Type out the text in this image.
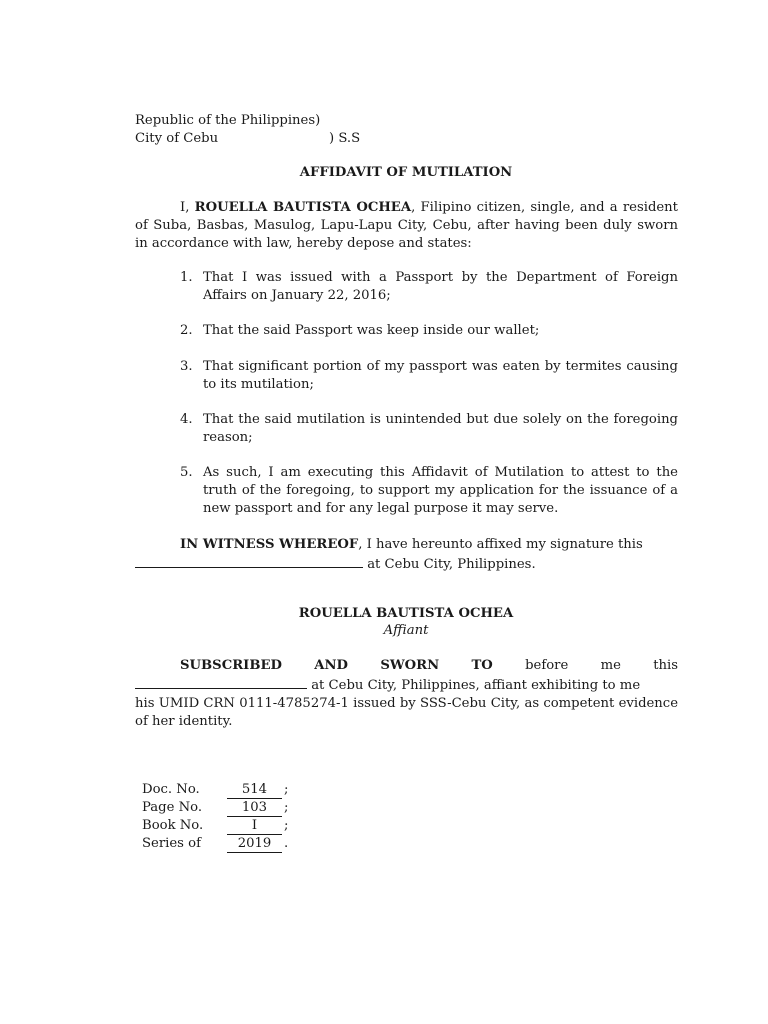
Republic of the Philippines)
City of Cebu	) S.S
AFFIDAVIT OF MUTILATION
I, ROUELLA BAUTISTA OCHEA, Filipino citizen, single, and a resident of Suba, Basbas, Masulog, Lapu-Lapu City, Cebu, after having been duly sworn in accordance with law, hereby depose and states:
1. That I was issued with a Passport by the Department of Foreign Affairs on January 22, 2016;
2. That the said Passport was keep inside our wallet;
3. That significant portion of my passport was eaten by termites causing to its mutilation;
4. That the said mutilation is unintended but due solely on the foregoing reason;
5. As such, I am executing this Affidavit of Mutilation to attest to the truth of the foregoing, to support my application for the issuance of a new passport and for any legal purpose it may serve.
IN WITNESS WHEREOF, I have hereunto affixed my signature this
at Cebu City, Philippines.
ROUELLA BAUTISTA OCHEA
Affiant
SUBSCRIBED AND SWORN TO before me this
at Cebu City, Philippines, affiant exhibiting to me
his UMID CRN 0111-4785274-1 issued by SSS-Cebu City, as competent evidence of her identity.
Doc. No.	514	;
Page No.	103	;
Book No.	I	;
Series of	2019 .
